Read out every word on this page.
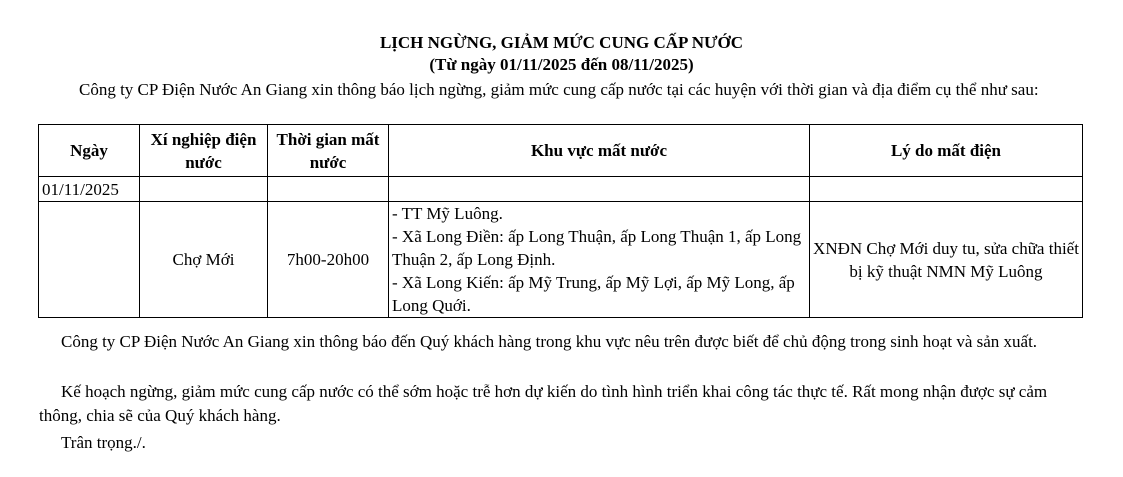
LỊCH NGỪNG, GIẢM MỨC CUNG CẤP NƯỚC
(Từ ngày 01/11/2025 đến 08/11/2025)

Công ty CP Điện Nước An Giang xin thông báo lịch ngừng, giảm mức cung cấp nước tại các huyện với thời gian và địa điểm cụ thể như sau:

Ngày	Xí nghiệp điện nước	Thời gian mất nước	Khu vực mất nước	Lý do mất điện
01/11/2025				
	Chợ Mới	7h00-20h00	- TT Mỹ Luông.
- Xã Long Điền: ấp Long Thuận, ấp Long Thuận 1, ấp Long Thuận 2, ấp Long Định.
- Xã Long Kiến: ấp Mỹ Trung, ấp Mỹ Lợi, ấp Mỹ Long, ấp Long Quới.	XNĐN Chợ Mới duy tu, sửa chữa thiết bị kỹ thuật NMN Mỹ Luông

Công ty CP Điện Nước An Giang xin thông báo đến Quý khách hàng trong khu vực nêu trên được biết để chủ động trong sinh hoạt và sản xuất.

Kế hoạch ngừng, giảm mức cung cấp nước có thể sớm hoặc trễ hơn dự kiến do tình hình triển khai công tác thực tế. Rất mong nhận được sự cảm thông, chia sẽ của Quý khách hàng.

Trân trọng./.
